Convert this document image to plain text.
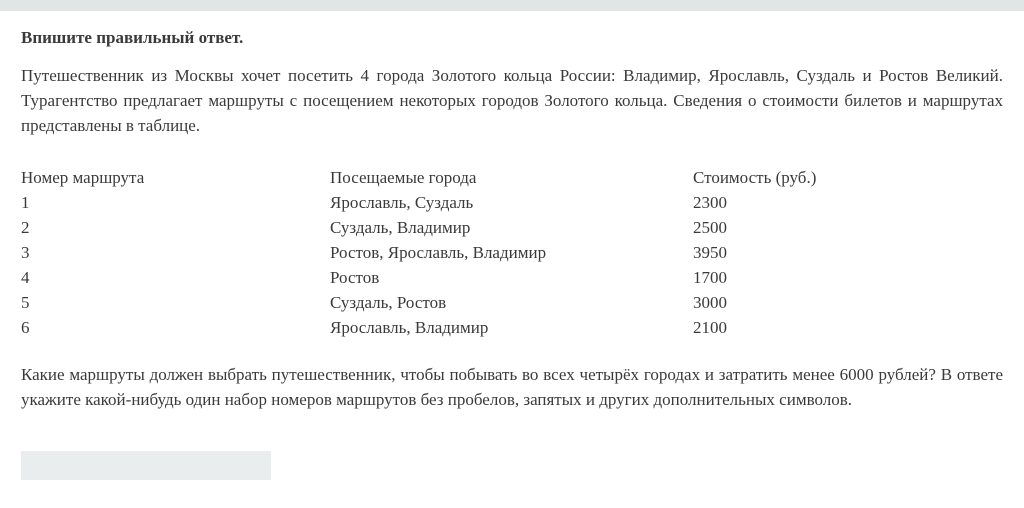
Впишите правильный ответ.

Путешественник из Москвы хочет посетить 4 города Золотого кольца России: Владимир, Ярославль, Суздаль и Ростов Великий. Турагентство предлагает маршруты с посещением некоторых городов Золотого кольца. Сведения о стоимости билетов и маршрутах представлены в таблице.

Номер маршрута	Посещаемые города	Стоимость (руб.)
1	Ярославль, Суздаль	2300
2	Суздаль, Владимир	2500
3	Ростов, Ярославль, Владимир	3950
4	Ростов	1700
5	Суздаль, Ростов	3000
6	Ярославль, Владимир	2100

Какие маршруты должен выбрать путешественник, чтобы побывать во всех четырёх городах и затратить менее 6000 рублей? В ответе укажите какой-нибудь один набор номеров маршрутов без пробелов, запятых и других дополнительных символов.
